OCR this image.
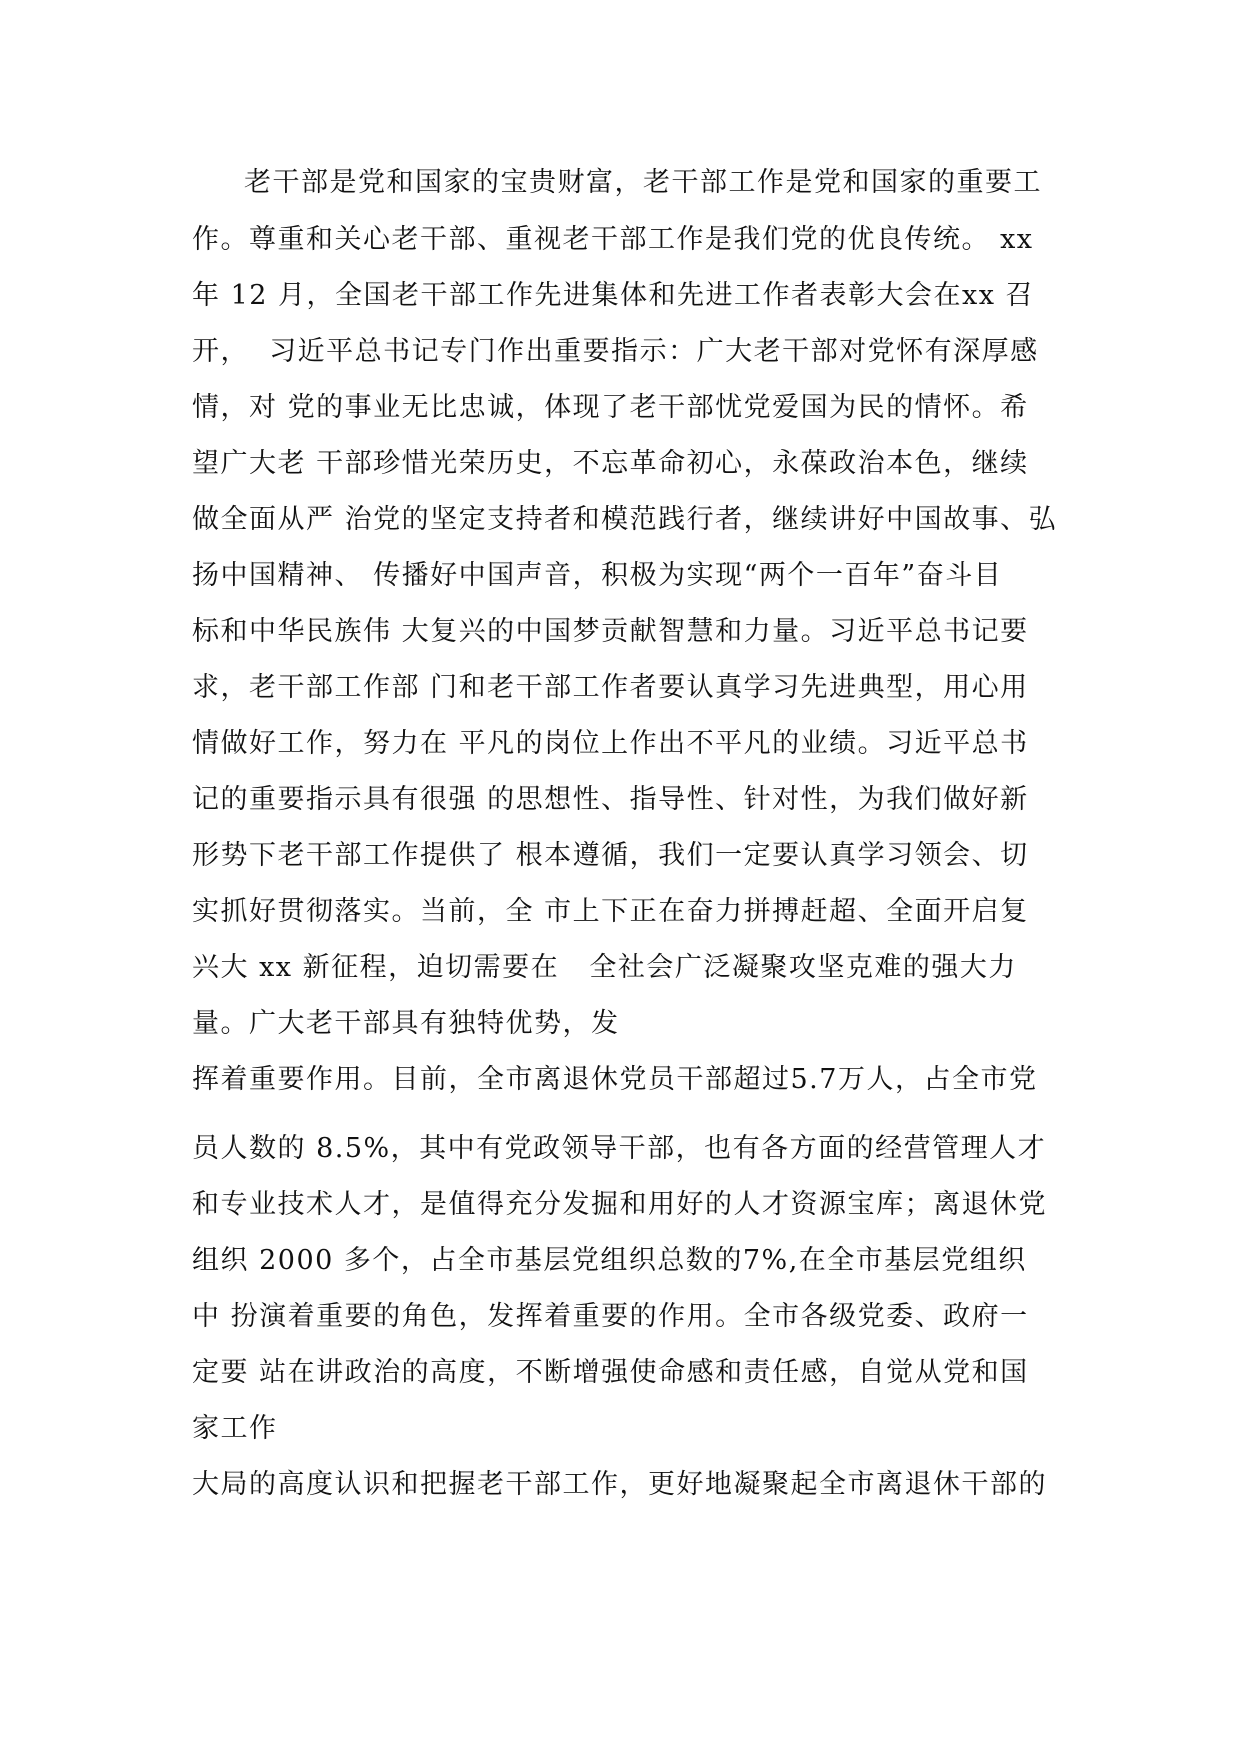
老干部是党和国家的宝贵财富，老干部工作是党和国家的重要工
作。尊重和关心老干部、重视老干部工作是我们党的优良传统。 xx
年 12 月，全国老干部工作先进集体和先进工作者表彰大会在xx 召
开，  习近平总书记专门作出重要指示：广大老干部对党怀有深厚感
情，对 党的事业无比忠诚，体现了老干部忧党爱国为民的情怀。希
望广大老 干部珍惜光荣历史，不忘革命初心，永葆政治本色，继续
做全面从严 治党的坚定支持者和模范践行者，继续讲好中国故事、弘
扬中国精神、 传播好中国声音，积极为实现“两个一百年”奋斗目
标和中华民族伟 大复兴的中国梦贡献智慧和力量。习近平总书记要
求，老干部工作部 门和老干部工作者要认真学习先进典型，用心用
情做好工作，努力在 平凡的岗位上作出不平凡的业绩。习近平总书
记的重要指示具有很强 的思想性、指导性、针对性，为我们做好新
形势下老干部工作提供了 根本遵循，我们一定要认真学习领会、切
实抓好贯彻落实。当前，全 市上下正在奋力拼搏赶超、全面开启复
兴大 xx 新征程，迫切需要在   全社会广泛凝聚攻坚克难的强大力
量。广大老干部具有独特优势，发
挥着重要作用。目前，全市离退休党员干部超过5.7万人，占全市党
员人数的 8.5%，其中有党政领导干部，也有各方面的经营管理人才
和专业技术人才，是值得充分发掘和用好的人才资源宝库；离退休党
组织 2000 多个，占全市基层党组织总数的7%,在全市基层党组织
中 扮演着重要的角色，发挥着重要的作用。全市各级党委、政府一
定要 站在讲政治的高度，不断增强使命感和责任感，自觉从党和国
家工作
大局的高度认识和把握老干部工作，更好地凝聚起全市离退休干部的
